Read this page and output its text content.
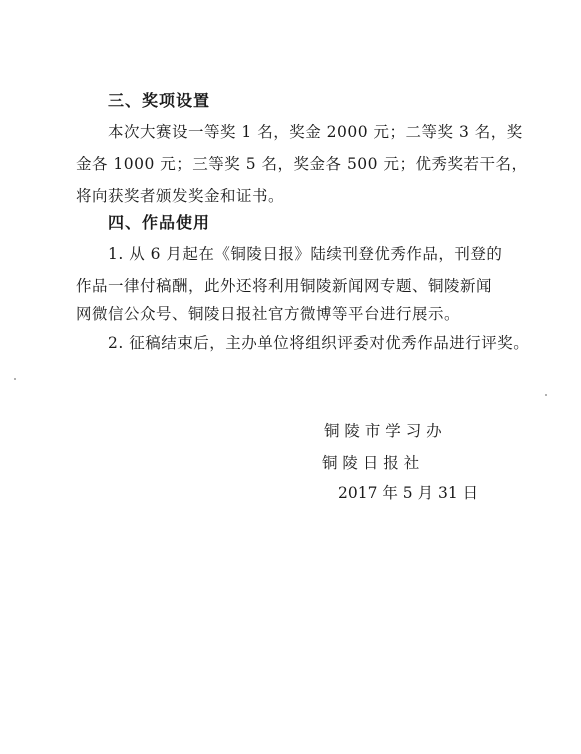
三、奖项设置
本次大赛设一等奖 1 名，奖金 2000 元；二等奖 3 名，奖
金各 1000 元；三等奖 5 名，奖金各 500 元；优秀奖若干名，
将向获奖者颁发奖金和证书。
四、作品使用
1. 从 6 月起在《铜陵日报》陆续刊登优秀作品，刊登的
作品一律付稿酬，此外还将利用铜陵新闻网专题、铜陵新闻
网微信公众号、铜陵日报社官方微博等平台进行展示。
2. 征稿结束后，主办单位将组织评委对优秀作品进行评奖。
铜 陵 市 学 习 办
铜 陵 日 报 社
2017 年 5 月 31 日
